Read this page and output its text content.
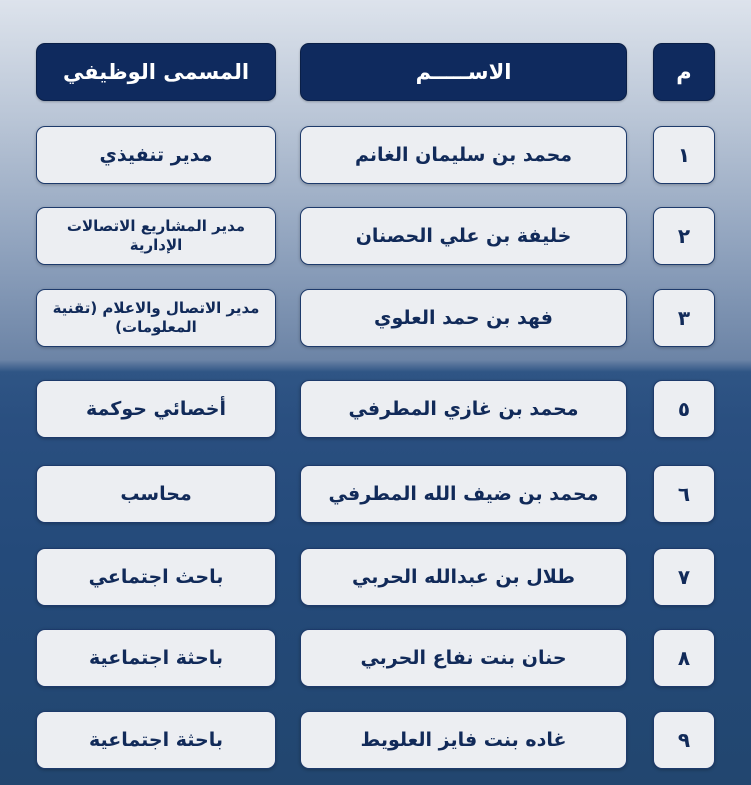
المسمى الوظيفي	الاســـــم	م
مدير تنفيذي	محمد بن سليمان الغانم	١
مدير المشاريع الاتصالات الإدارية	خليفة بن علي الحصنان	٢
مدير الاتصال والاعلام (تقنية المعلومات)	فهد بن حمد العلوي	٣
أخصائي حوكمة	محمد بن غازي المطرفي	٥
محاسب	محمد بن ضيف الله المطرفي	٦
باحث اجتماعي	طلال بن عبدالله الحربي	٧
باحثة اجتماعية	حنان بنت نفاع الحربي	٨
باحثة اجتماعية	غاده بنت فايز العلويط	٩
